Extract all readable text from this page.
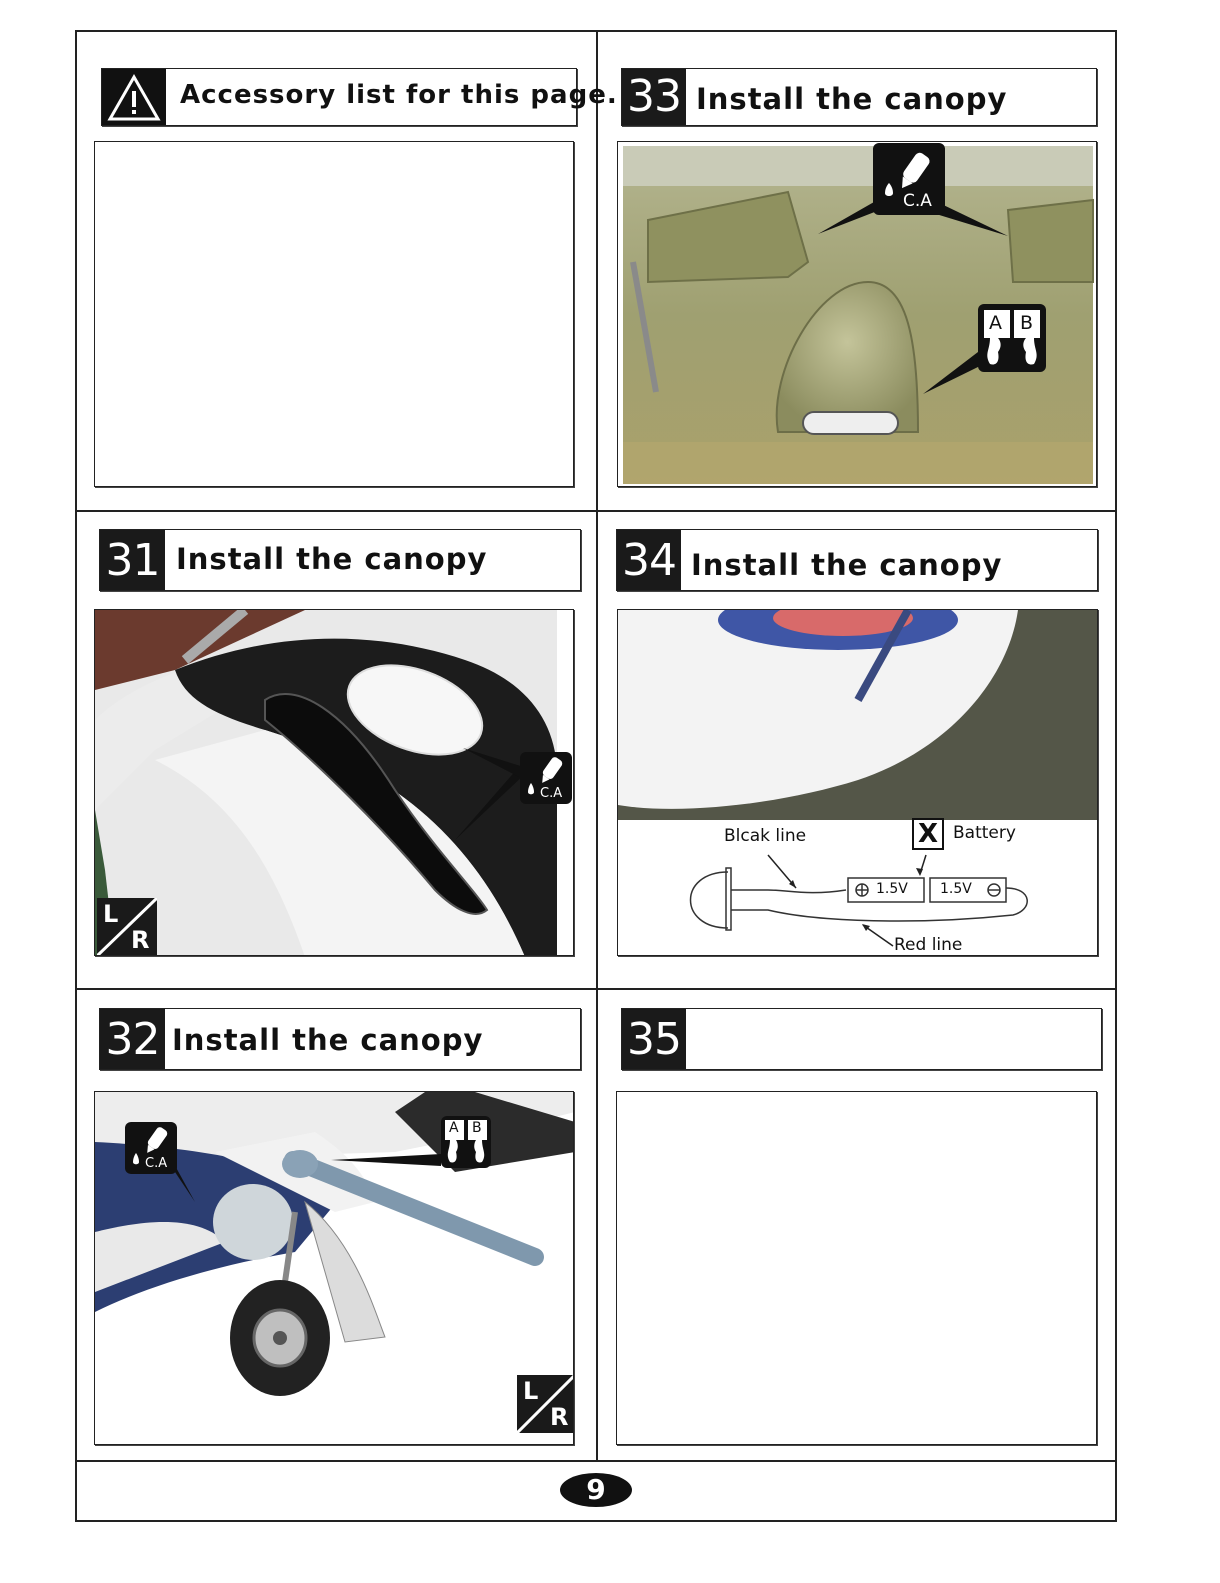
Accessory list for this page. 33 Install the canopy
C.A
A B
31 Install the canopy
C.A
L
R
34 Install the canopy
Blcak line	X Battery
1.5V 1.5V
Red line
32 Install the canopy
C.A
A B
L
R
35
9
